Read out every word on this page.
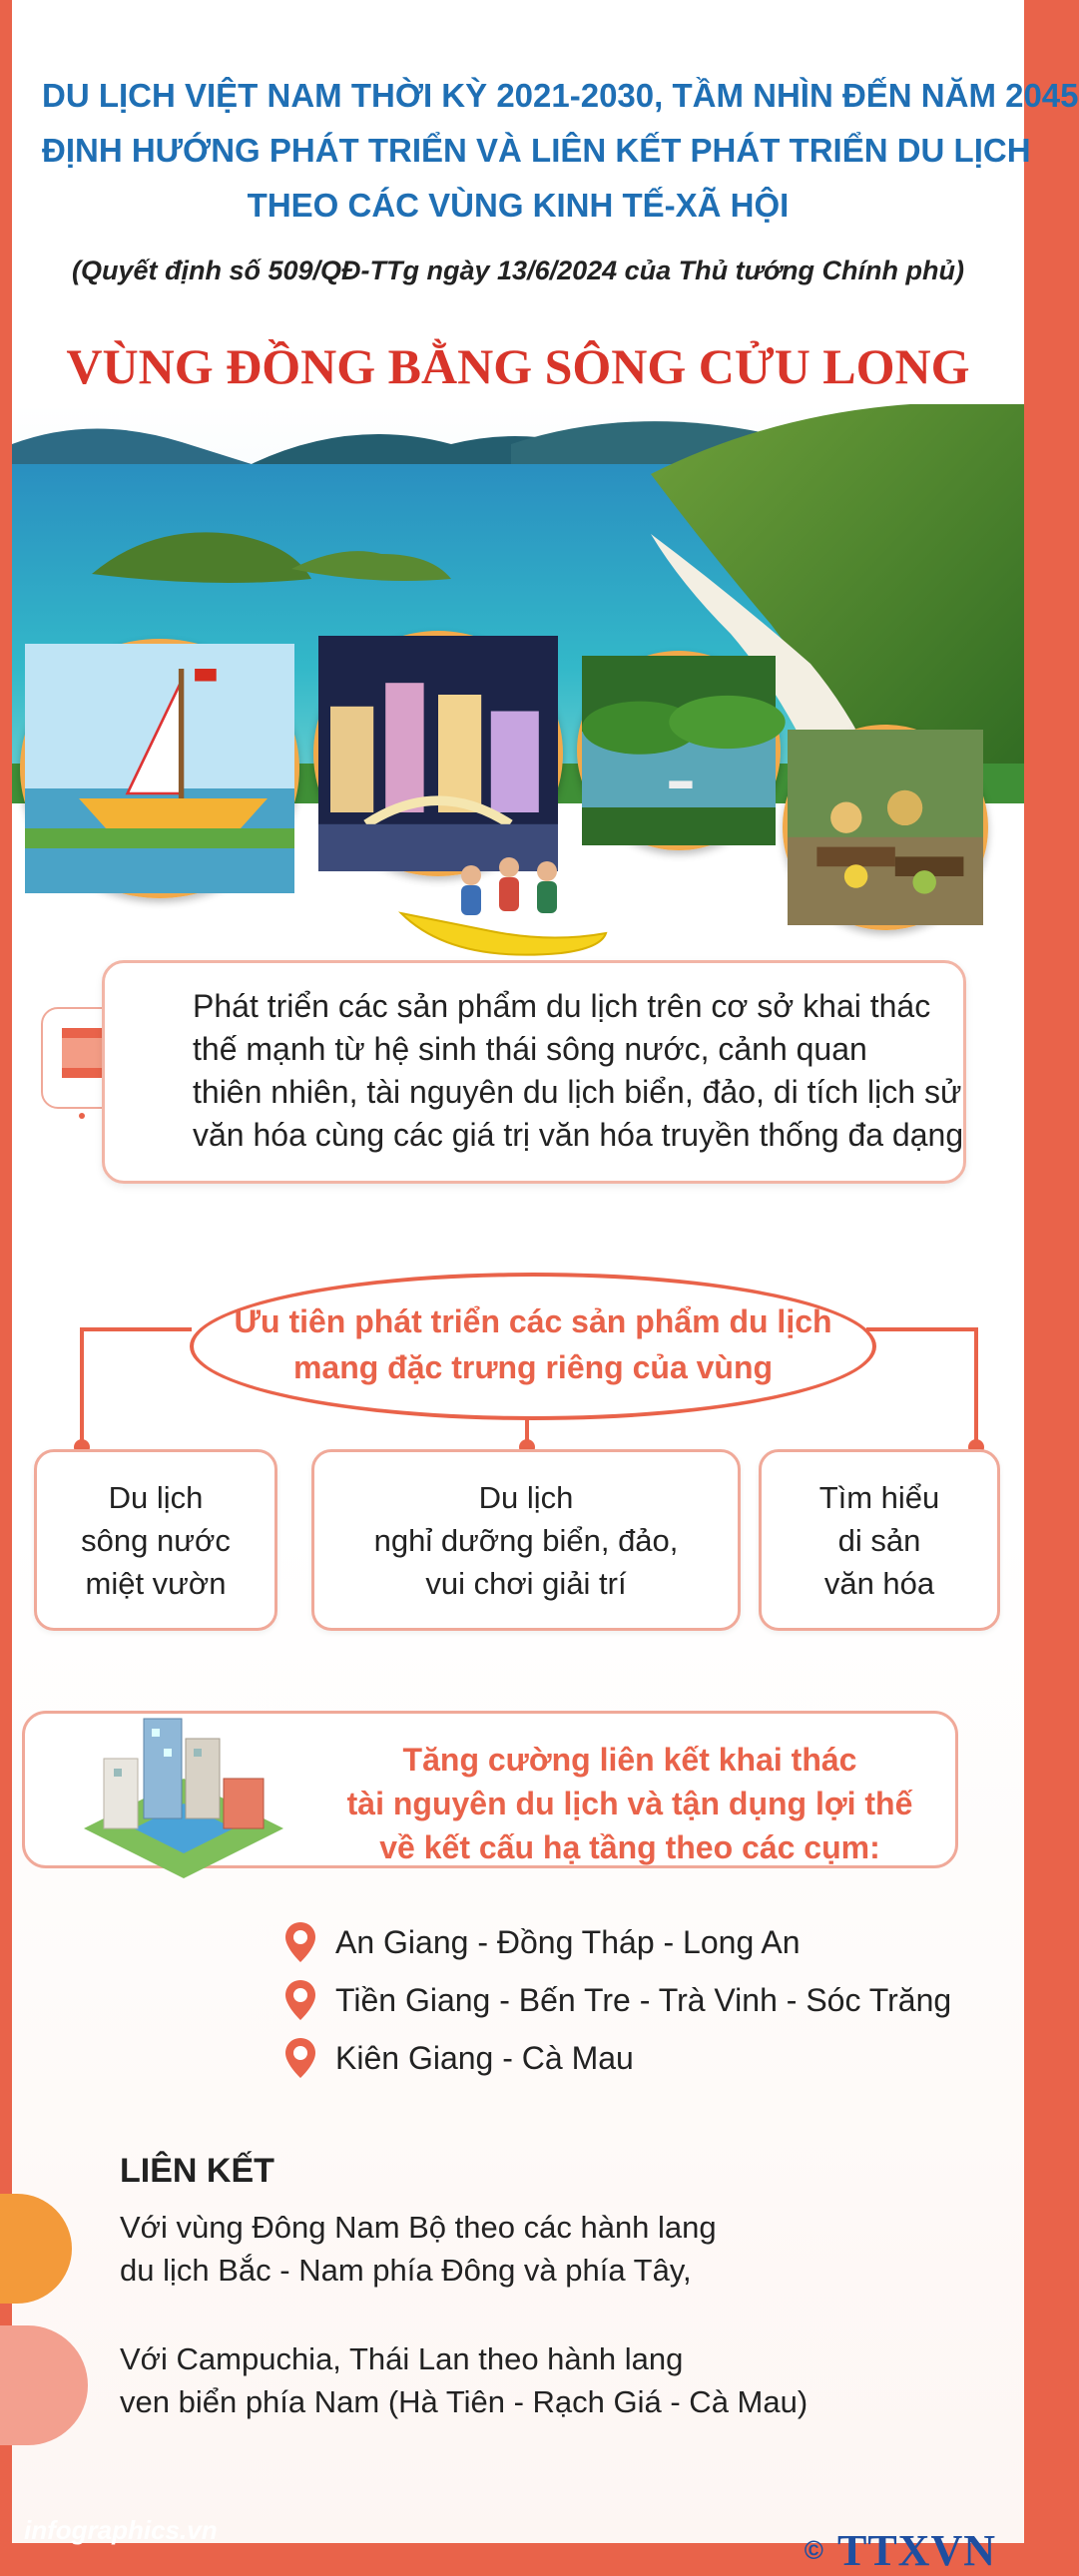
DU LỊCH VIỆT NAM THỜI KỲ 2021-2030, TẦM NHÌN ĐẾN NĂM 2045
ĐỊNH HƯỚNG PHÁT TRIỂN VÀ LIÊN KẾT PHÁT TRIỂN DU LỊCH
THEO CÁC VÙNG KINH TẾ-XÃ HỘI
(Quyết định số 509/QĐ-TTg ngày 13/6/2024 của Thủ tướng Chính phủ)
VÙNG ĐỒNG BẰNG SÔNG CỬU LONG
Phát triển các sản phẩm du lịch trên cơ sở khai thác
thế mạnh từ hệ sinh thái sông nước, cảnh quan
thiên nhiên, tài nguyên du lịch biển, đảo, di tích lịch sử
văn hóa cùng các giá trị văn hóa truyền thống đa dạng
Ưu tiên phát triển các sản phẩm du lịch
mang đặc trưng riêng của vùng
Du lịch
sông nước
miệt vườn
Du lịch
nghỉ dưỡng biển, đảo,
vui chơi giải trí
Tìm hiểu
di sản
văn hóa
Tăng cường liên kết khai thác
tài nguyên du lịch và tận dụng lợi thế
về kết cấu hạ tầng theo các cụm:
An Giang - Đồng Tháp - Long An
Tiền Giang - Bến Tre - Trà Vinh - Sóc Trăng
Kiên Giang - Cà Mau
LIÊN KẾT
Với vùng Đông Nam Bộ theo các hành lang
du lịch Bắc - Nam phía Đông và phía Tây,
Với Campuchia, Thái Lan theo hành lang
ven biển phía Nam (Hà Tiên - Rạch Giá - Cà Mau)
© TTXVN
infographics.vn
